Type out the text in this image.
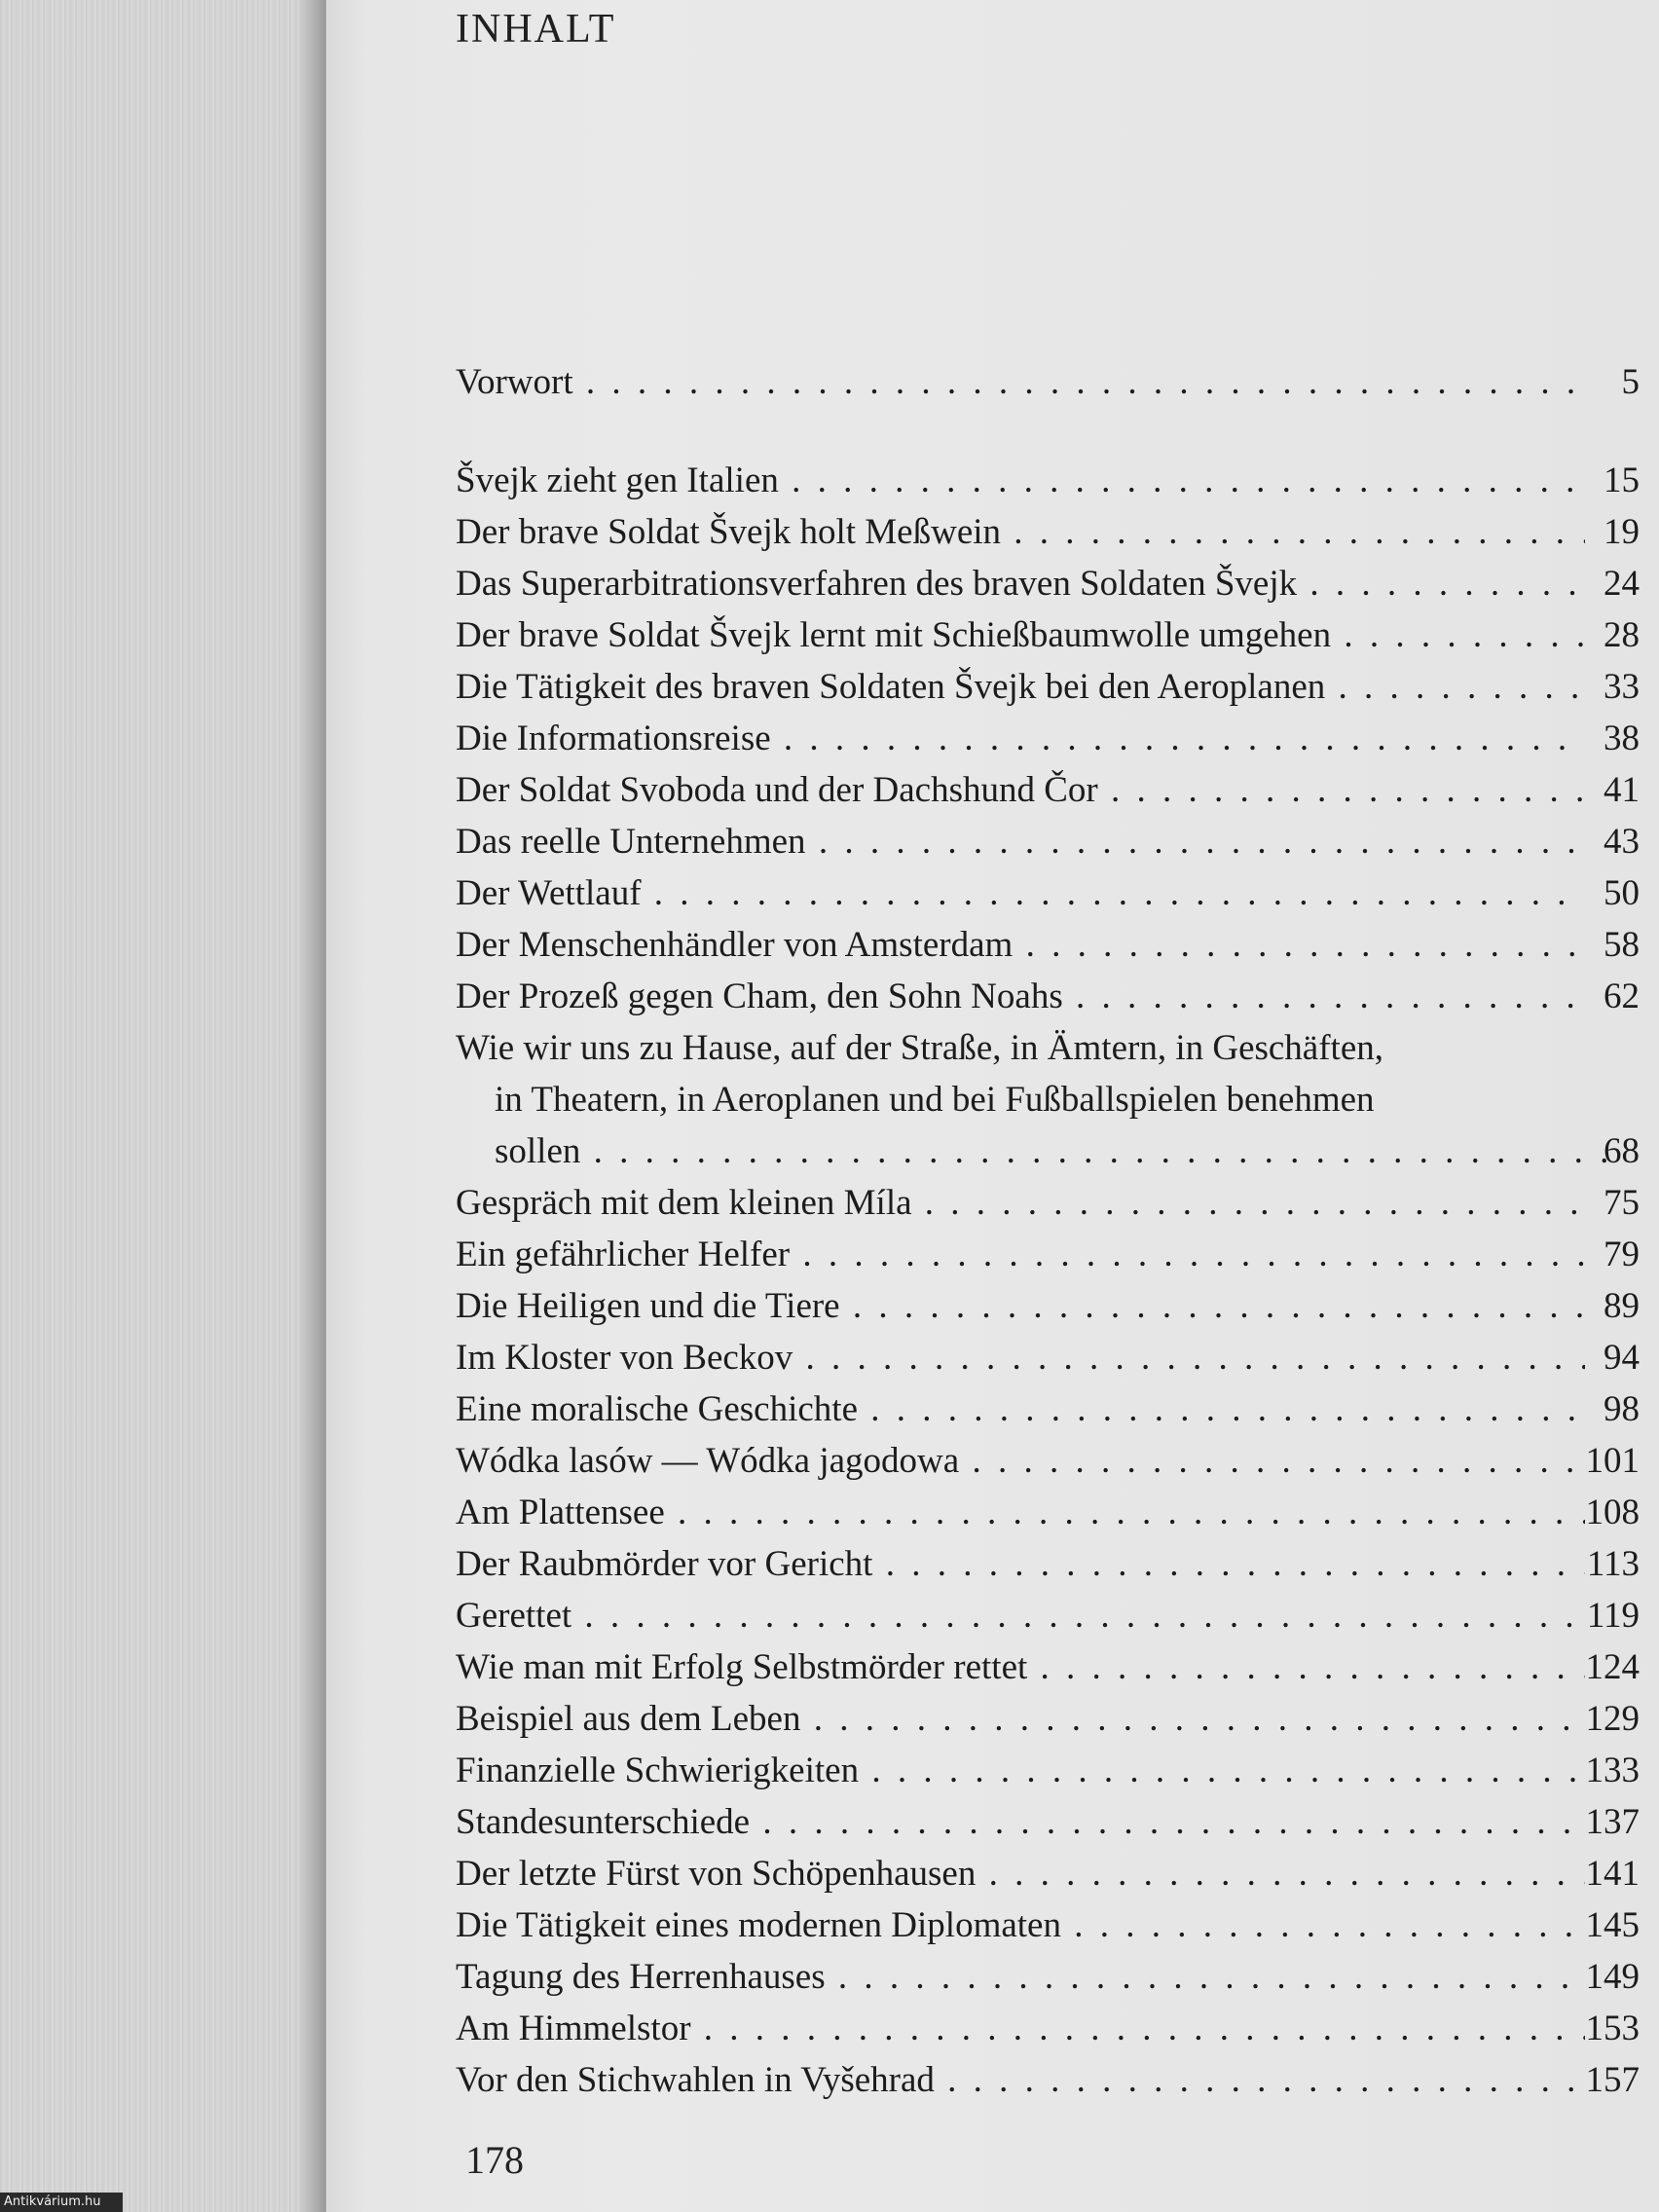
INHALT
Vorwort . . .	5
Švejk zieht gen Italien . . .	15
Der brave Soldat Švejk holt Meßwein . . .	19
Das Superarbitrationsverfahren des braven Soldaten Švejk . . .	24
Der brave Soldat Švejk lernt mit Schießbaumwolle umgehen . . .	28
Die Tätigkeit des braven Soldaten Švejk bei den Aeroplanen . . .	33
Die Informationsreise . . .	38
Der Soldat Svoboda und der Dachshund Čor . . .	41
Das reelle Unternehmen . . .	43
Der Wettlauf . . .	50
Der Menschenhändler von Amsterdam . . .	58
Der Prozeß gegen Cham, den Sohn Noahs . . .	62
Wie wir uns zu Hause, auf der Straße, in Ämtern, in Geschäften,
in Theatern, in Aeroplanen und bei Fußballspielen benehmen
sollen . . .	68
Gespräch mit dem kleinen Míla . . .	75
Ein gefährlicher Helfer . . .	79
Die Heiligen und die Tiere . . .	89
Im Kloster von Beckov . . .	94
Eine moralische Geschichte . . .	98
Wódka lasów — Wódka jagodowa . . .	101
Am Plattensee . . .	108
Der Raubmörder vor Gericht . . .	113
Gerettet . . .	119
Wie man mit Erfolg Selbstmörder rettet . . .	124
Beispiel aus dem Leben . . .	129
Finanzielle Schwierigkeiten . . .	133
Standesunterschiede . . .	137
Der letzte Fürst von Schöpenhausen . . .	141
Die Tätigkeit eines modernen Diplomaten . . .	145
Tagung des Herrenhauses . . .	149
Am Himmelstor . . .	153
Vor den Stichwahlen in Vyšehrad . . .	157
178
Antikvárium.hu
